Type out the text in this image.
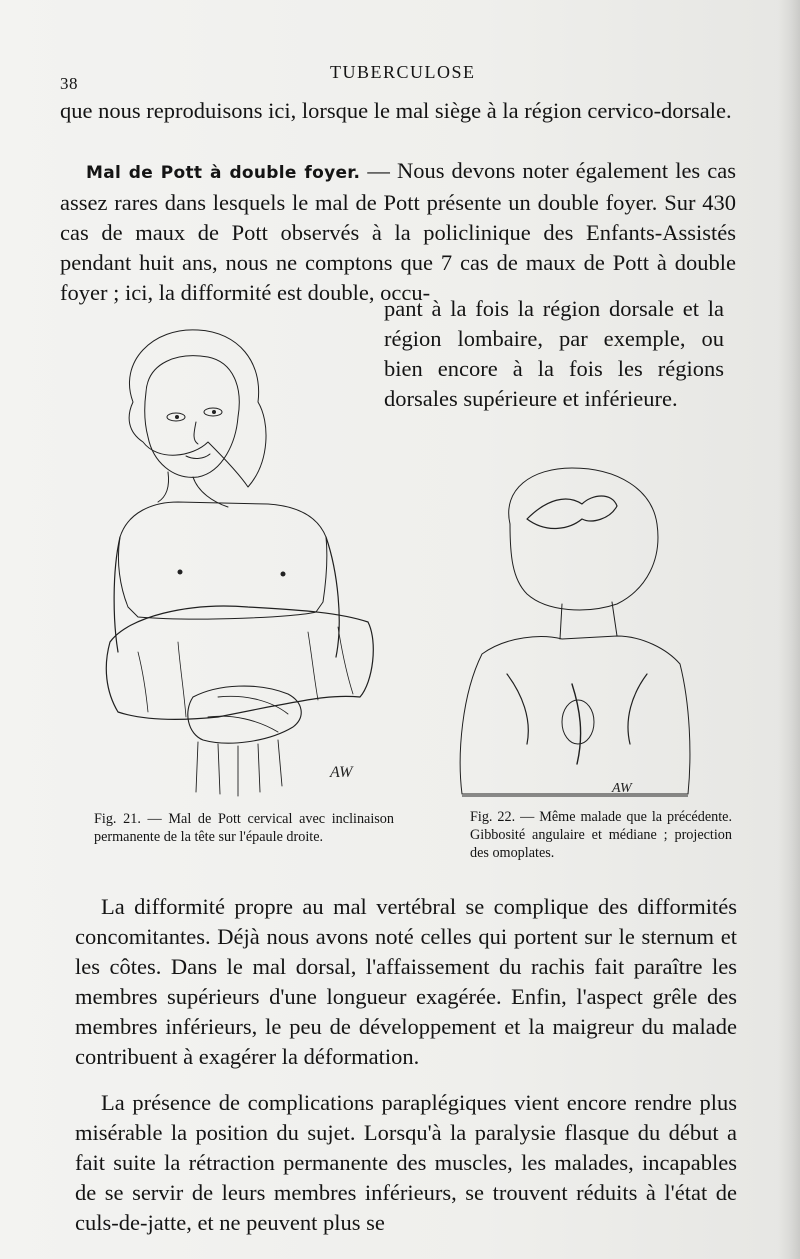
38
TUBERCULOSE

que nous reproduisons ici, lorsque le mal siège à la région cervico-dorsale.

Mal de Pott à double foyer. — Nous devons noter également les cas assez rares dans lesquels le mal de Pott présente un double foyer. Sur 430 cas de maux de Pott observés à la policlinique des Enfants-Assistés pendant huit ans, nous ne comptons que 7 cas de maux de Pott à double foyer ; ici, la difformité est double, occu-

pant à la fois la région dorsale et la région lombaire, par exemple, ou bien encore à la fois les régions dorsales supérieure et inférieure.

AW
AW

Fig. 21. — Mal de Pott cervical avec inclinaison permanente de la tête sur l'épaule droite.

Fig. 22. — Même malade que la précédente. Gibbosité angulaire et médiane ; projection des omoplates.

La difformité propre au mal vertébral se complique des difformités concomitantes. Déjà nous avons noté celles qui portent sur le sternum et les côtes. Dans le mal dorsal, l'affaissement du rachis fait paraître les membres supérieurs d'une longueur exagérée. Enfin, l'aspect grêle des membres inférieurs, le peu de développement et la maigreur du malade contribuent à exagérer la déformation.

La présence de complications paraplégiques vient encore rendre plus misérable la position du sujet. Lorsqu'à la paralysie flasque du début a fait suite la rétraction permanente des muscles, les malades, incapables de se servir de leurs membres inférieurs, se trouvent réduits à l'état de culs-de-jatte, et ne peuvent plus se
